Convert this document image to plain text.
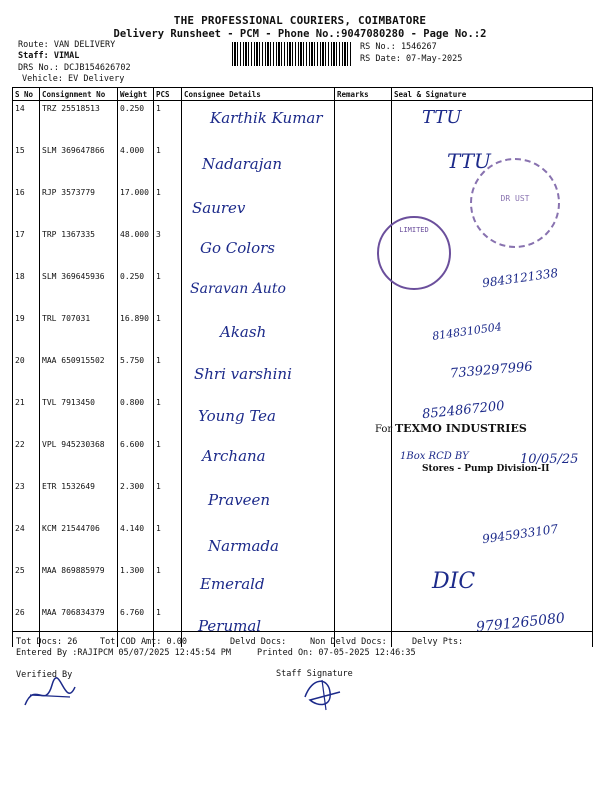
THE PROFESSIONAL COURIERS, COIMBATORE
Delivery Runsheet - PCM - Phone No.:9047080280 - Page No.:2
Route: VAN DELIVERY
Staff: VIMAL
DRS No.: DCJB154626702
Vehicle: EV Delivery
RS No.: 1546267
RS Date: 07-May-2025
S No	Consignment No	Weight	PCS	Consignee Details	Remarks	Seal & Signature
14	TRZ 25518513	0.250	1	Karthik Kumar		TTU

15	SLM 369647866	4.000	1	Nadarajan		TTU

16	RJP 3573779	17.000	1	Saurev		

17	TRP 1367335	48.000	3	Go Colors		

18	SLM 369645936	0.250	1	Saravan Auto		9843121338

19	TRL 707031	16.890	1	Akash		8148310504

20	MAA 650915502	5.750	1	Shri varshini		7339297996

21	TVL 7913450	0.800	1	Young Tea		8524867200

22	VPL 945230368	6.600	1	Archana		1Box RCD BY

23	ETR 1532649	2.300	1	Praveen		

24	KCM 21544706	4.140	1	Narmada		9945933107

25	MAA 869885979	1.300	1	Emerald		DIC

26	MAA 706834379	6.760	1	Perumal		9791265080
DR UST
LIMITED
For TEXMO INDUSTRIES
Stores - Pump Division-II
10/05/25
Tot Docs: 26	Tot COD Amt: 0.00	Delvd Docs:	Non Delvd Docs:	Delvy Pts:
Entered By :RAJIPCM 05/07/2025 12:45:54 PM	Printed On: 07-05-2025 12:46:35
Verified By	Staff Signature
